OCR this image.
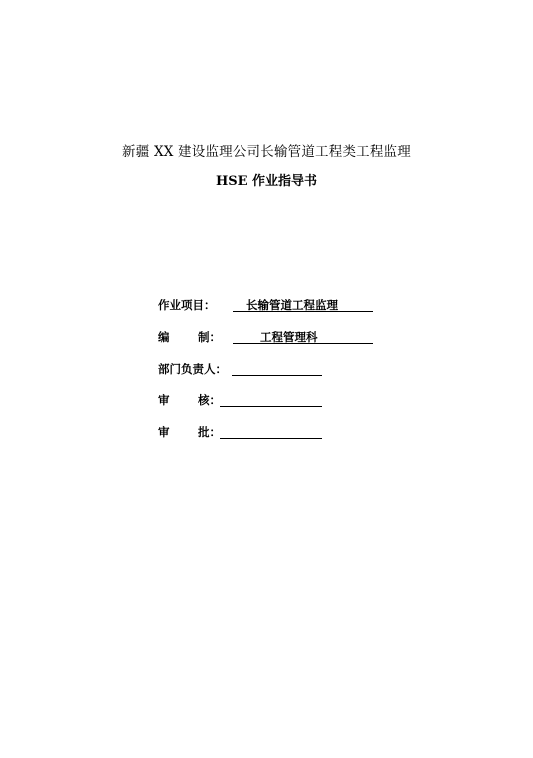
新疆 XX 建设监理公司长输管道工程类工程监理
HSE 作业指导书
作业项目：	长输管道工程监理
编 制：	工程管理科
部门负责人：
审 核：
审 批：
